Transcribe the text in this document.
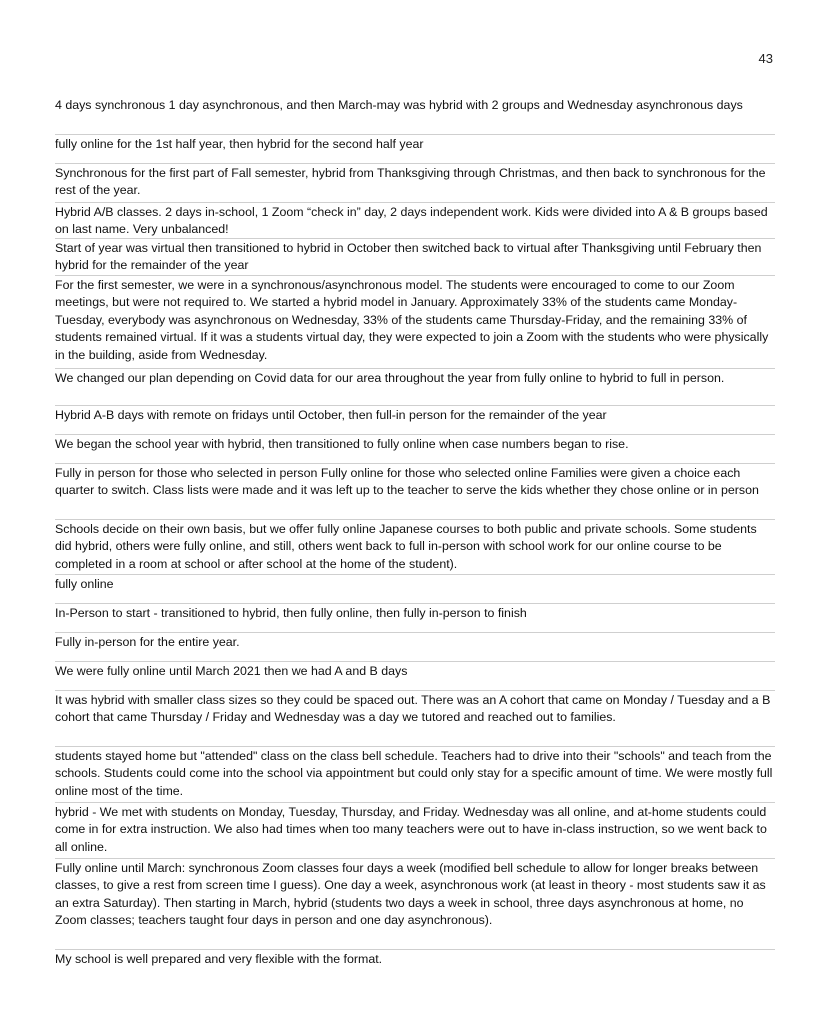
43
4 days synchronous 1 day asynchronous, and then March-may was hybrid with 2 groups and Wednesday asynchronous days
fully online for the 1st half year, then hybrid for the second half year
Synchronous for the first part of Fall semester, hybrid from Thanksgiving through Christmas, and then back to synchronous for the rest of the year.
Hybrid A/B classes. 2 days in-school, 1 Zoom “check in” day, 2 days independent work. Kids were divided into A & B groups based on last name. Very unbalanced!
Start of year was virtual then transitioned to hybrid in October then switched back to virtual after Thanksgiving until February then hybrid for the remainder of the year
For the first semester, we were in a synchronous/asynchronous model. The students were encouraged to come to our Zoom meetings, but were not required to. We started a hybrid model in January. Approximately 33% of the students came Monday-Tuesday, everybody was asynchronous on Wednesday, 33% of the students came Thursday-Friday, and the remaining 33% of students remained virtual. If it was a students virtual day, they were expected to join a Zoom with the students who were physically in the building, aside from Wednesday.
We changed our plan depending on Covid data for our area throughout the year from fully online to hybrid to full in person.
Hybrid A-B days with remote on fridays until October, then full-in person for the remainder of the year
We began the school year with hybrid, then transitioned to fully online when case numbers began to rise.
Fully in person for those who selected in person Fully online for those who selected online Families were given a choice each quarter to switch. Class lists were made and it was left up to the teacher to serve the kids whether they chose online or in person
Schools decide on their own basis, but we offer fully online Japanese courses to both public and private schools. Some students did hybrid, others were fully online, and still, others went back to full in-person with school work for our online course to be completed in a room at school or after school at the home of the student).
fully online
In-Person to start - transitioned to hybrid, then fully online, then fully in-person to finish
Fully in-person for the entire year.
We were fully online until March 2021 then we had A and B days
It was hybrid with smaller class sizes so they could be spaced out. There was an A cohort that came on Monday / Tuesday and a B cohort that came Thursday / Friday and Wednesday was a day we tutored and reached out to families.
students stayed home but "attended" class on the class bell schedule. Teachers had to drive into their "schools" and teach from the schools. Students could come into the school via appointment but could only stay for a specific amount of time. We were mostly full online most of the time.
hybrid - We met with students on Monday, Tuesday, Thursday, and Friday. Wednesday was all online, and at-home students could come in for extra instruction. We also had times when too many teachers were out to have in-class instruction, so we went back to all online.
Fully online until March: synchronous Zoom classes four days a week (modified bell schedule to allow for longer breaks between classes, to give a rest from screen time I guess). One day a week, asynchronous work (at least in theory - most students saw it as an extra Saturday). Then starting in March, hybrid (students two days a week in school, three days asynchronous at home, no Zoom classes; teachers taught four days in person and one day asynchronous).
My school is well prepared and very flexible with the format.
